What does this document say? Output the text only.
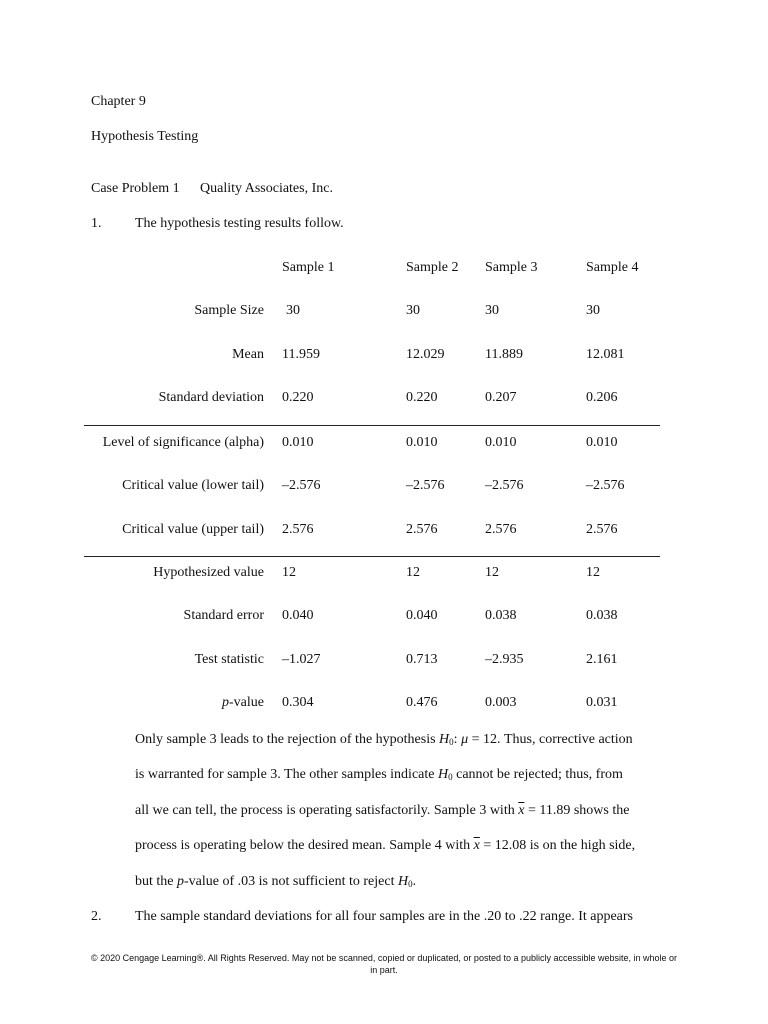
Chapter 9
Hypothesis Testing
Case Problem 1 Quality Associates, Inc.
1. The hypothesis testing results follow.
Sample 1	Sample 2 Sample 3	Sample 4
Sample Size 30	30	30	30
Mean 11.959	12.029	11.889	12.081
Standard deviation 0.220	0.220	0.207	0.206
Level of significance (alpha) 0.010	0.010	0.010	0.010
Critical value (lower tail) –2.576	–2.576	–2.576	–2.576
Critical value (upper tail) 2.576	2.576	2.576	2.576
Hypothesized value 12	12	12	12
Standard error 0.040	0.040	0.038	0.038
Test statistic –1.027	0.713	–2.935	2.161
p-value 0.304	0.476	0.003	0.031
Only sample 3 leads to the rejection of the hypothesis $H_0$: μ = 12. Thus, corrective action
is warranted for sample 3. The other samples indicate $H_0$ cannot be rejected; thus, from
all we can tell, the process is operating satisfactorily. Sample 3 with $\overline{x} = 11.89$ shows the
process is operating below the desired mean. Sample 4 with $\overline{x} = 12.08$ is on the high side,
but the p-value of .03 is not sufficient to reject $H_0$.
2. The sample standard deviations for all four samples are in the .20 to .22 range. It appears
© 2020 Cengage Learning®. All Rights Reserved. May not be scanned, copied or duplicated, or posted to a publicly accessible website, in whole or
in part.
